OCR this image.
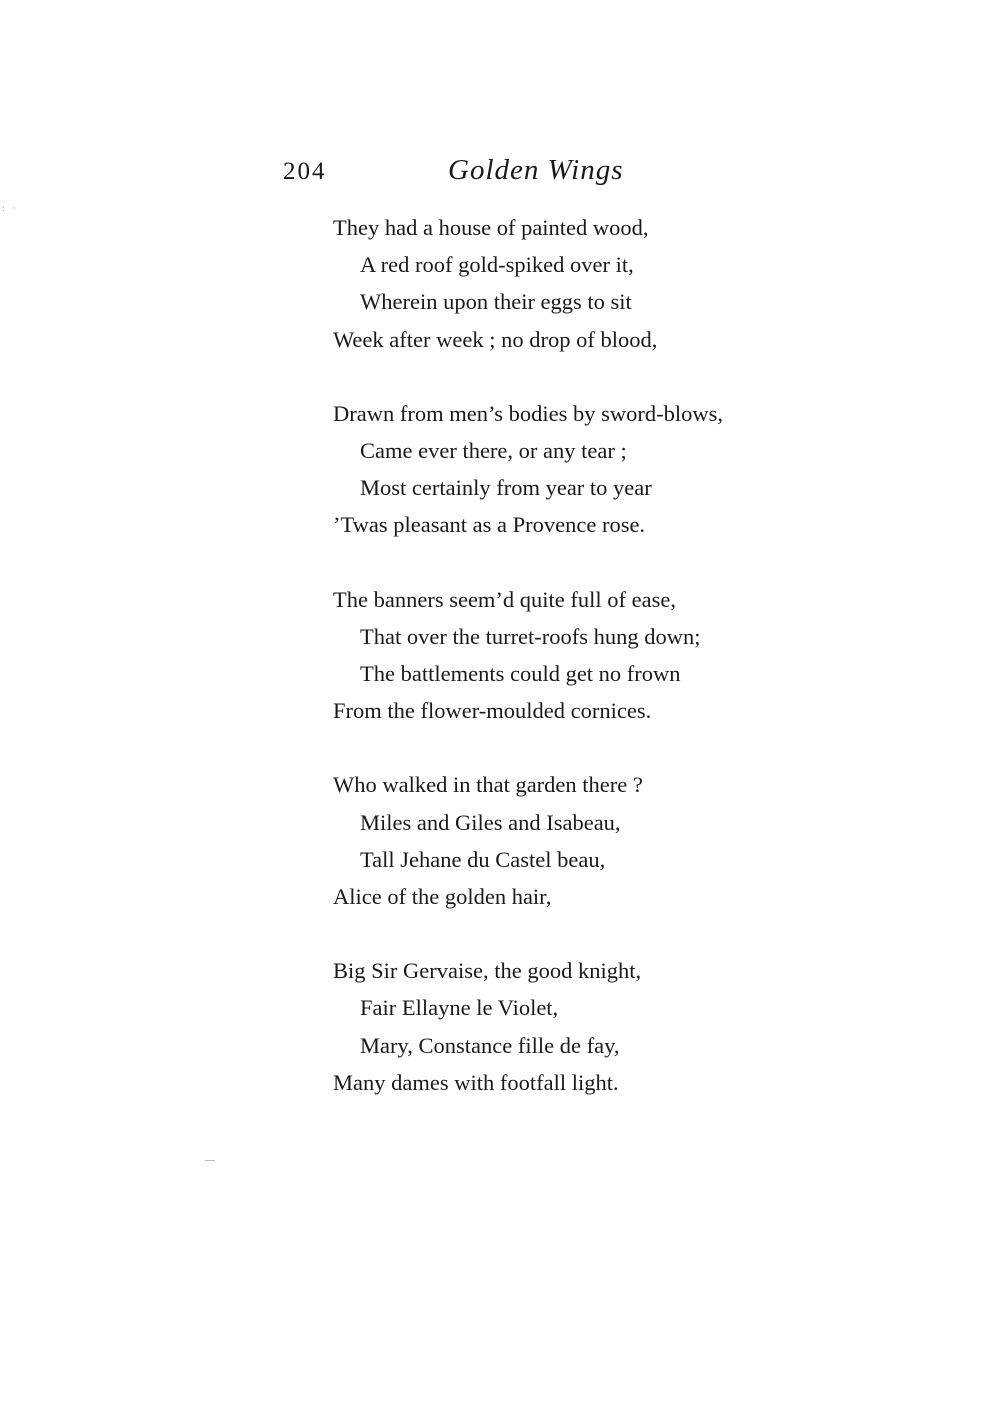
: ·
204	Golden Wings
They had a house of painted wood,
A red roof gold-spiked over it,
Wherein upon their eggs to sit
Week after week ; no drop of blood,
Drawn from men’s bodies by sword-blows,
Came ever there, or any tear ;
Most certainly from year to year
’Twas pleasant as a Provence rose.
The banners seem’d quite full of ease,
That over the turret-roofs hung down;
The battlements could get no frown
From the flower-moulded cornices.
Who walked in that garden there ?
Miles and Giles and Isabeau,
Tall Jehane du Castel beau,
Alice of the golden hair,
Big Sir Gervaise, the good knight,
Fair Ellayne le Violet,
Mary, Constance fille de fay,
Many dames with footfall light.
